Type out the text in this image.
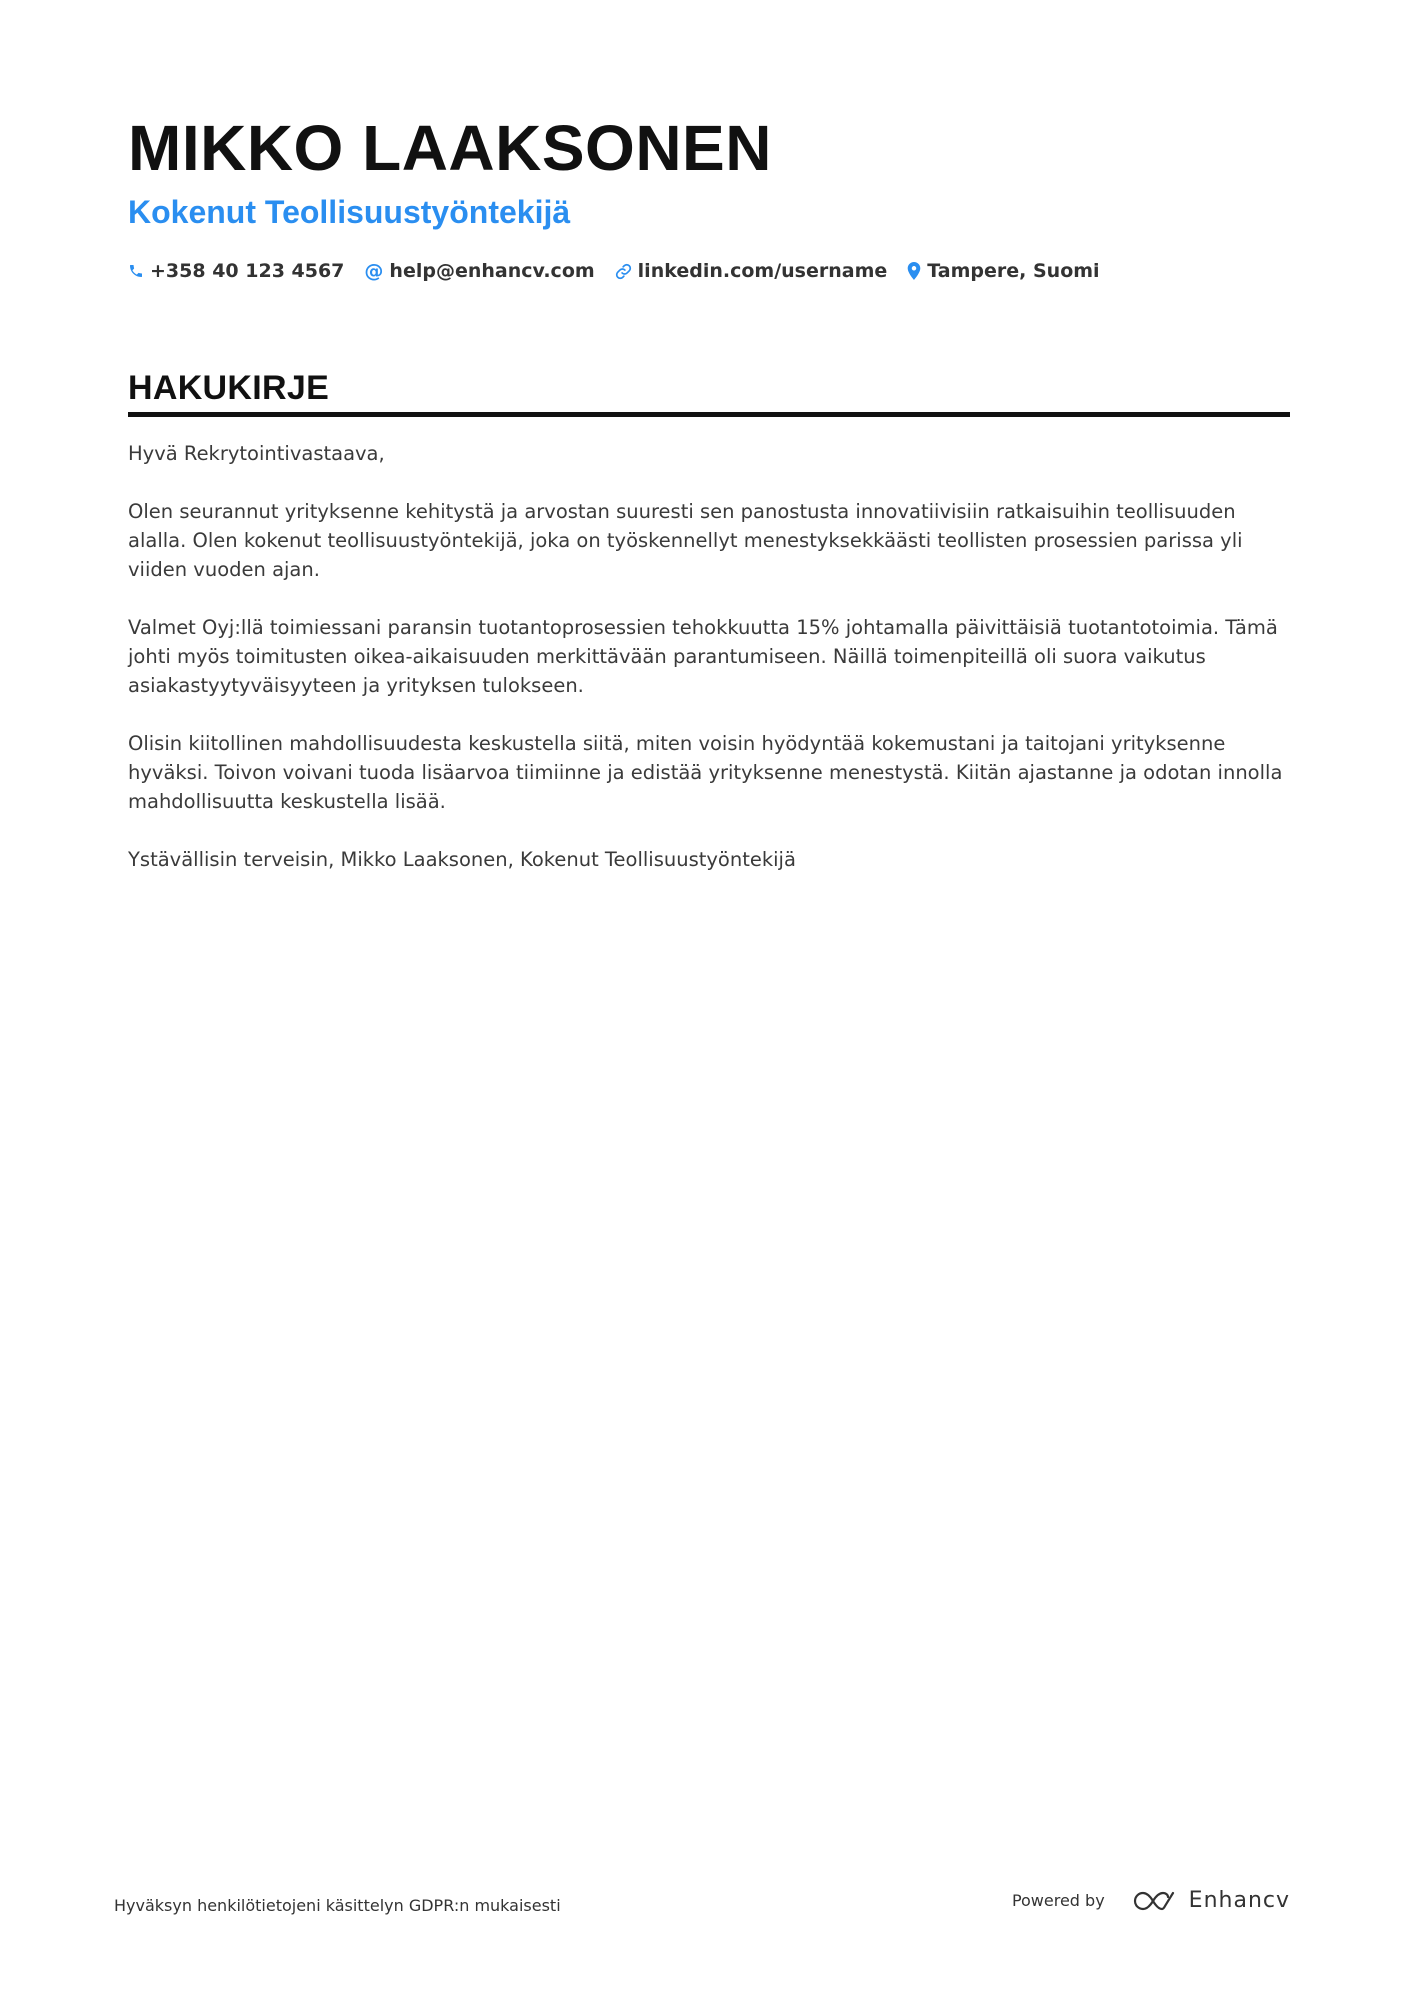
MIKKO LAAKSONEN
Kokenut Teollisuustyöntekijä
+358 40 123 4567 @ help@enhancv.com linkedin.com/username Tampere, Suomi
HAKUKIRJE

Hyvä Rekrytointivastaava,

Olen seurannut yrityksenne kehitystä ja arvostan suuresti sen panostusta innovatiivisiin ratkaisuihin teollisuuden alalla. Olen kokenut teollisuustyöntekijä, joka on työskennellyt menestyksekkäästi teollisten prosessien parissa yli viiden vuoden ajan.

Valmet Oyj:llä toimiessani paransin tuotantoprosessien tehokkuutta 15% johtamalla päivittäisiä tuotantotoimia. Tämä johti myös toimitusten oikea-aikaisuuden merkittävään parantumiseen. Näillä toimenpiteillä oli suora vaikutus asiakastyytyväisyyteen ja yrityksen tulokseen.

Olisin kiitollinen mahdollisuudesta keskustella siitä, miten voisin hyödyntää kokemustani ja taitojani yrityksenne hyväksi. Toivon voivani tuoda lisäarvoa tiimiinne ja edistää yrityksenne menestystä. Kiitän ajastanne ja odotan innolla mahdollisuutta keskustella lisää.

Ystävällisin terveisin, Mikko Laaksonen, Kokenut Teollisuustyöntekijä

Hyväksyn henkilötietojeni käsittelyn GDPR:n mukaisesti	Powered by	Enhancv
